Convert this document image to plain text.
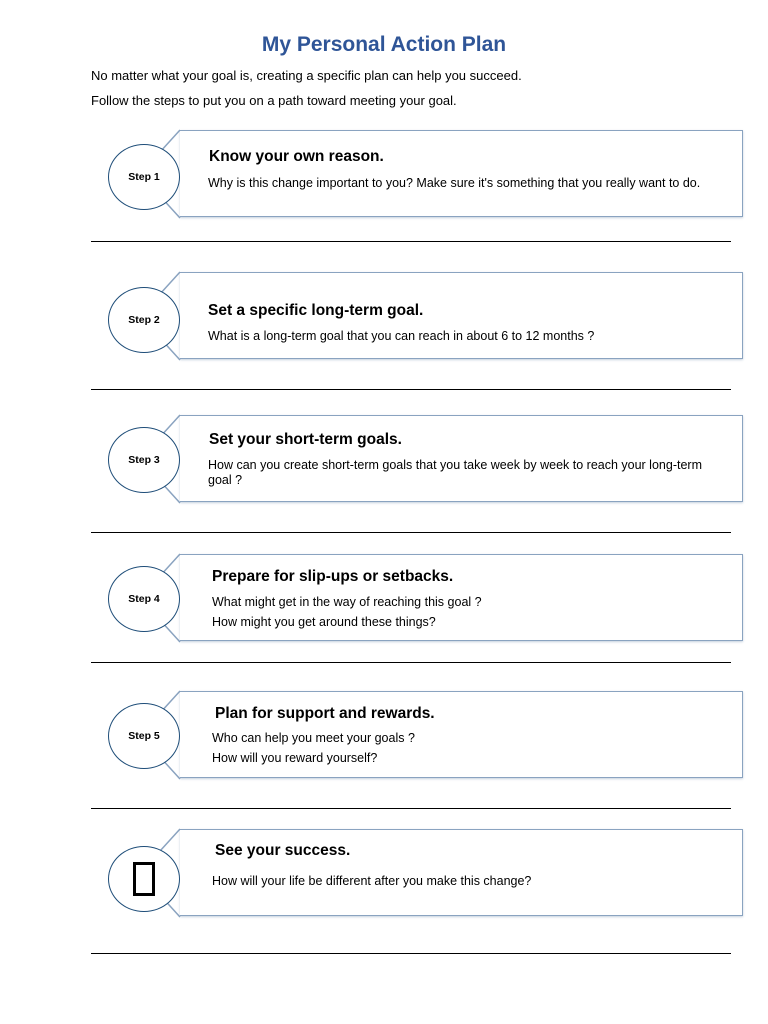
My Personal Action Plan
No matter what your goal is, creating a specific plan can help you succeed.
Follow the steps to put you on a path toward meeting your goal.
Step 1
Know your own reason.
Why is this change important to you? Make sure it's something that you really want to do.
Step 2
Set a specific long-term goal.
What is a long-term goal that you can reach in about 6 to 12 months ?
Step 3
Set your short-term goals.
How can you create short-term goals that you take week by week to reach your long-term goal ?
Step 4
Prepare for slip-ups or setbacks.
What might get in the way of reaching this goal ?
How might you get around these things?
Step 5
Plan for support and rewards.
Who can help you meet your goals ?
How will you reward yourself?
See your success.
How will your life be different after you make this change?
